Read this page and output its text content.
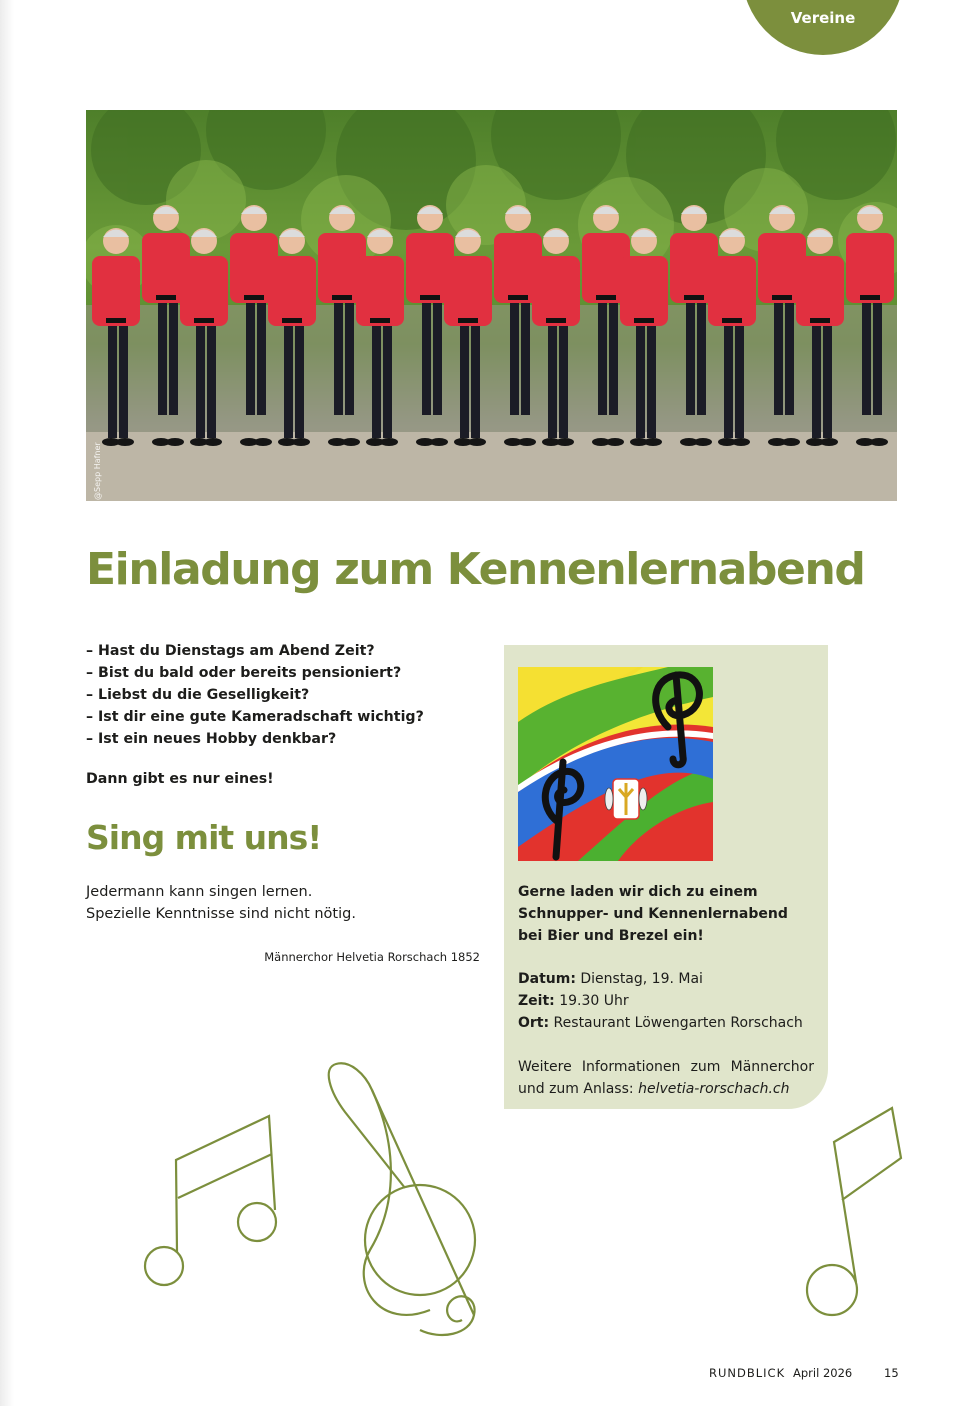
Vereine
@Sepp Hafner
Einladung zum Kennenlernabend
– Hast du Dienstags am Abend Zeit?
– Bist du bald oder bereits pensioniert?
– Liebst du die Geselligkeit?
– Ist dir eine gute Kameradschaft wichtig?
– Ist ein neues Hobby denkbar?
Dann gibt es nur eines!
Sing mit uns!
Jedermann kann singen lernen.
Spezielle Kenntnisse sind nicht nötig.
Männerchor Helvetia Rorschach 1852
Gerne laden wir dich zu einem
Schnupper- und Kennenlernabend
bei Bier und Brezel ein!
Datum: Dienstag, 19. Mai
Zeit: 19.30 Uhr
Ort: Restaurant Löwengarten Rorschach
Weitere Informationen zum Männerchor
und zum Anlass: helvetia-rorschach.ch
RUNDBLICK April 2026	15
